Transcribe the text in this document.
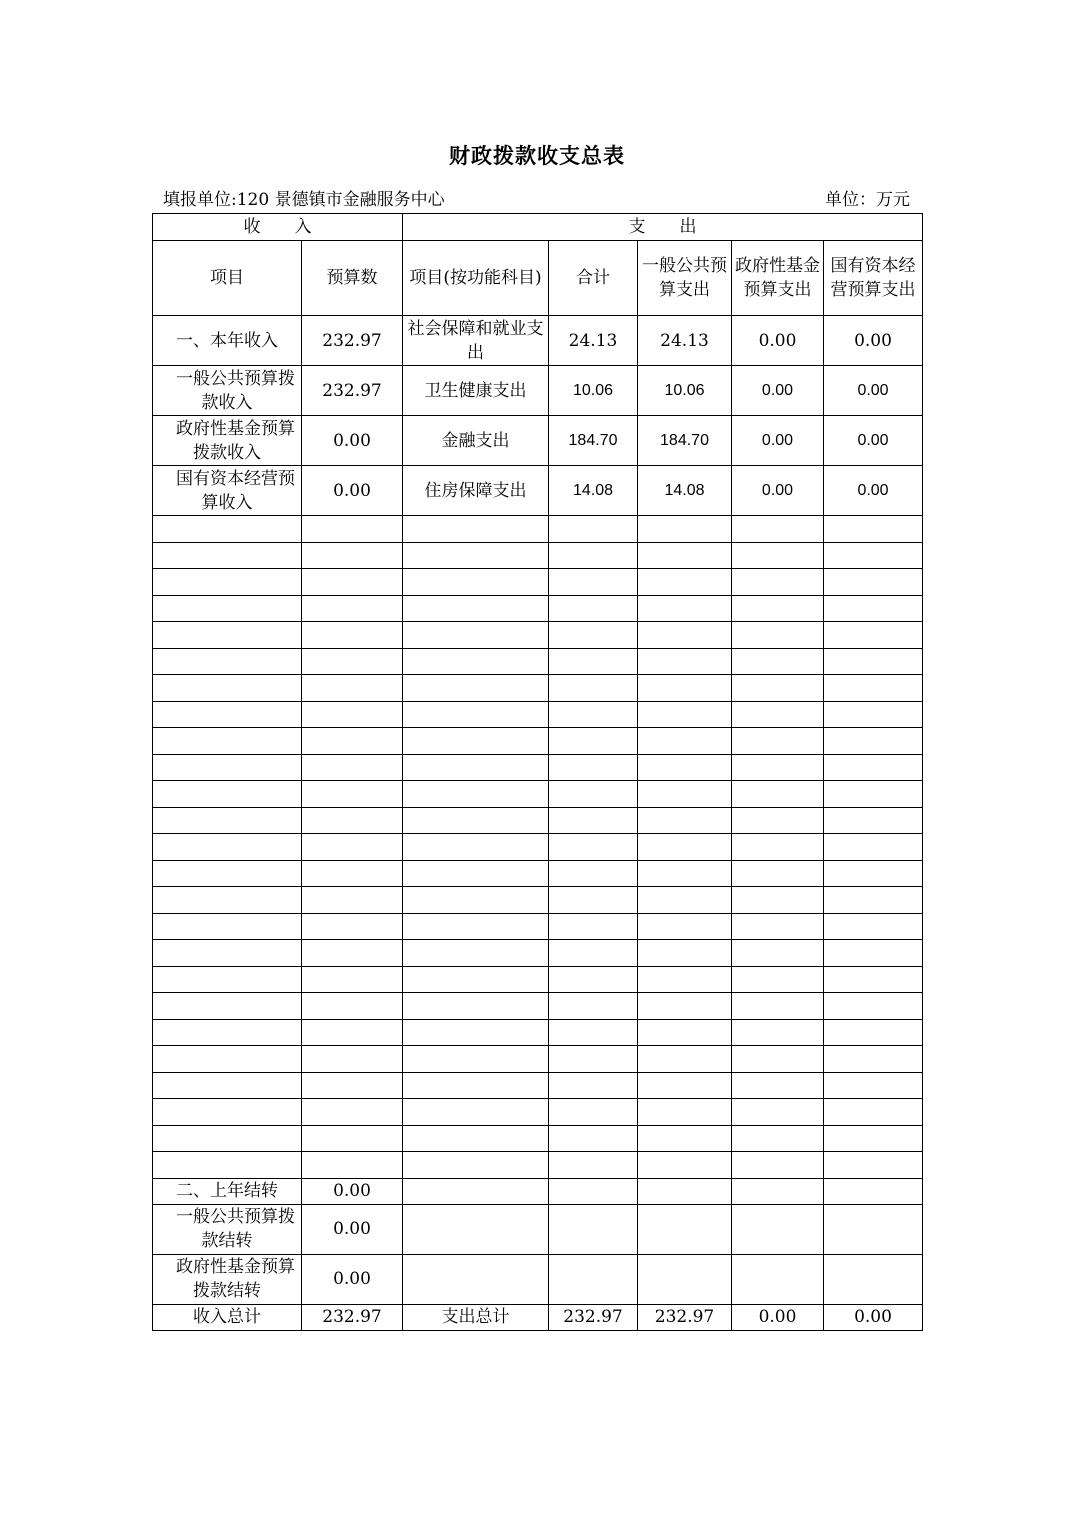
财政拨款收支总表
填报单位:120 景德镇市金融服务中心	单位：万元
收　　入		支　　出				
项目	预算数	项目(按功能科目)	合计	一般公共预算支出	政府性基金预算支出	国有资本经营预算支出
一、本年收入	232.97	社会保障和就业支出	24.13	24.13	0.00	0.00
　一般公共预算拨款收入	232.97	卫生健康支出	10.06	10.06	0.00	0.00
　政府性基金预算拨款收入	0.00	金融支出	184.70	184.70	0.00	0.00
　国有资本经营预算收入	0.00	住房保障支出	14.08	14.08	0.00	0.00

二、上年结转	0.00					
　一般公共预算拨款结转	0.00					
　政府性基金预算拨款结转	0.00					
收入总计	232.97	支出总计	232.97	232.97	0.00	0.00
